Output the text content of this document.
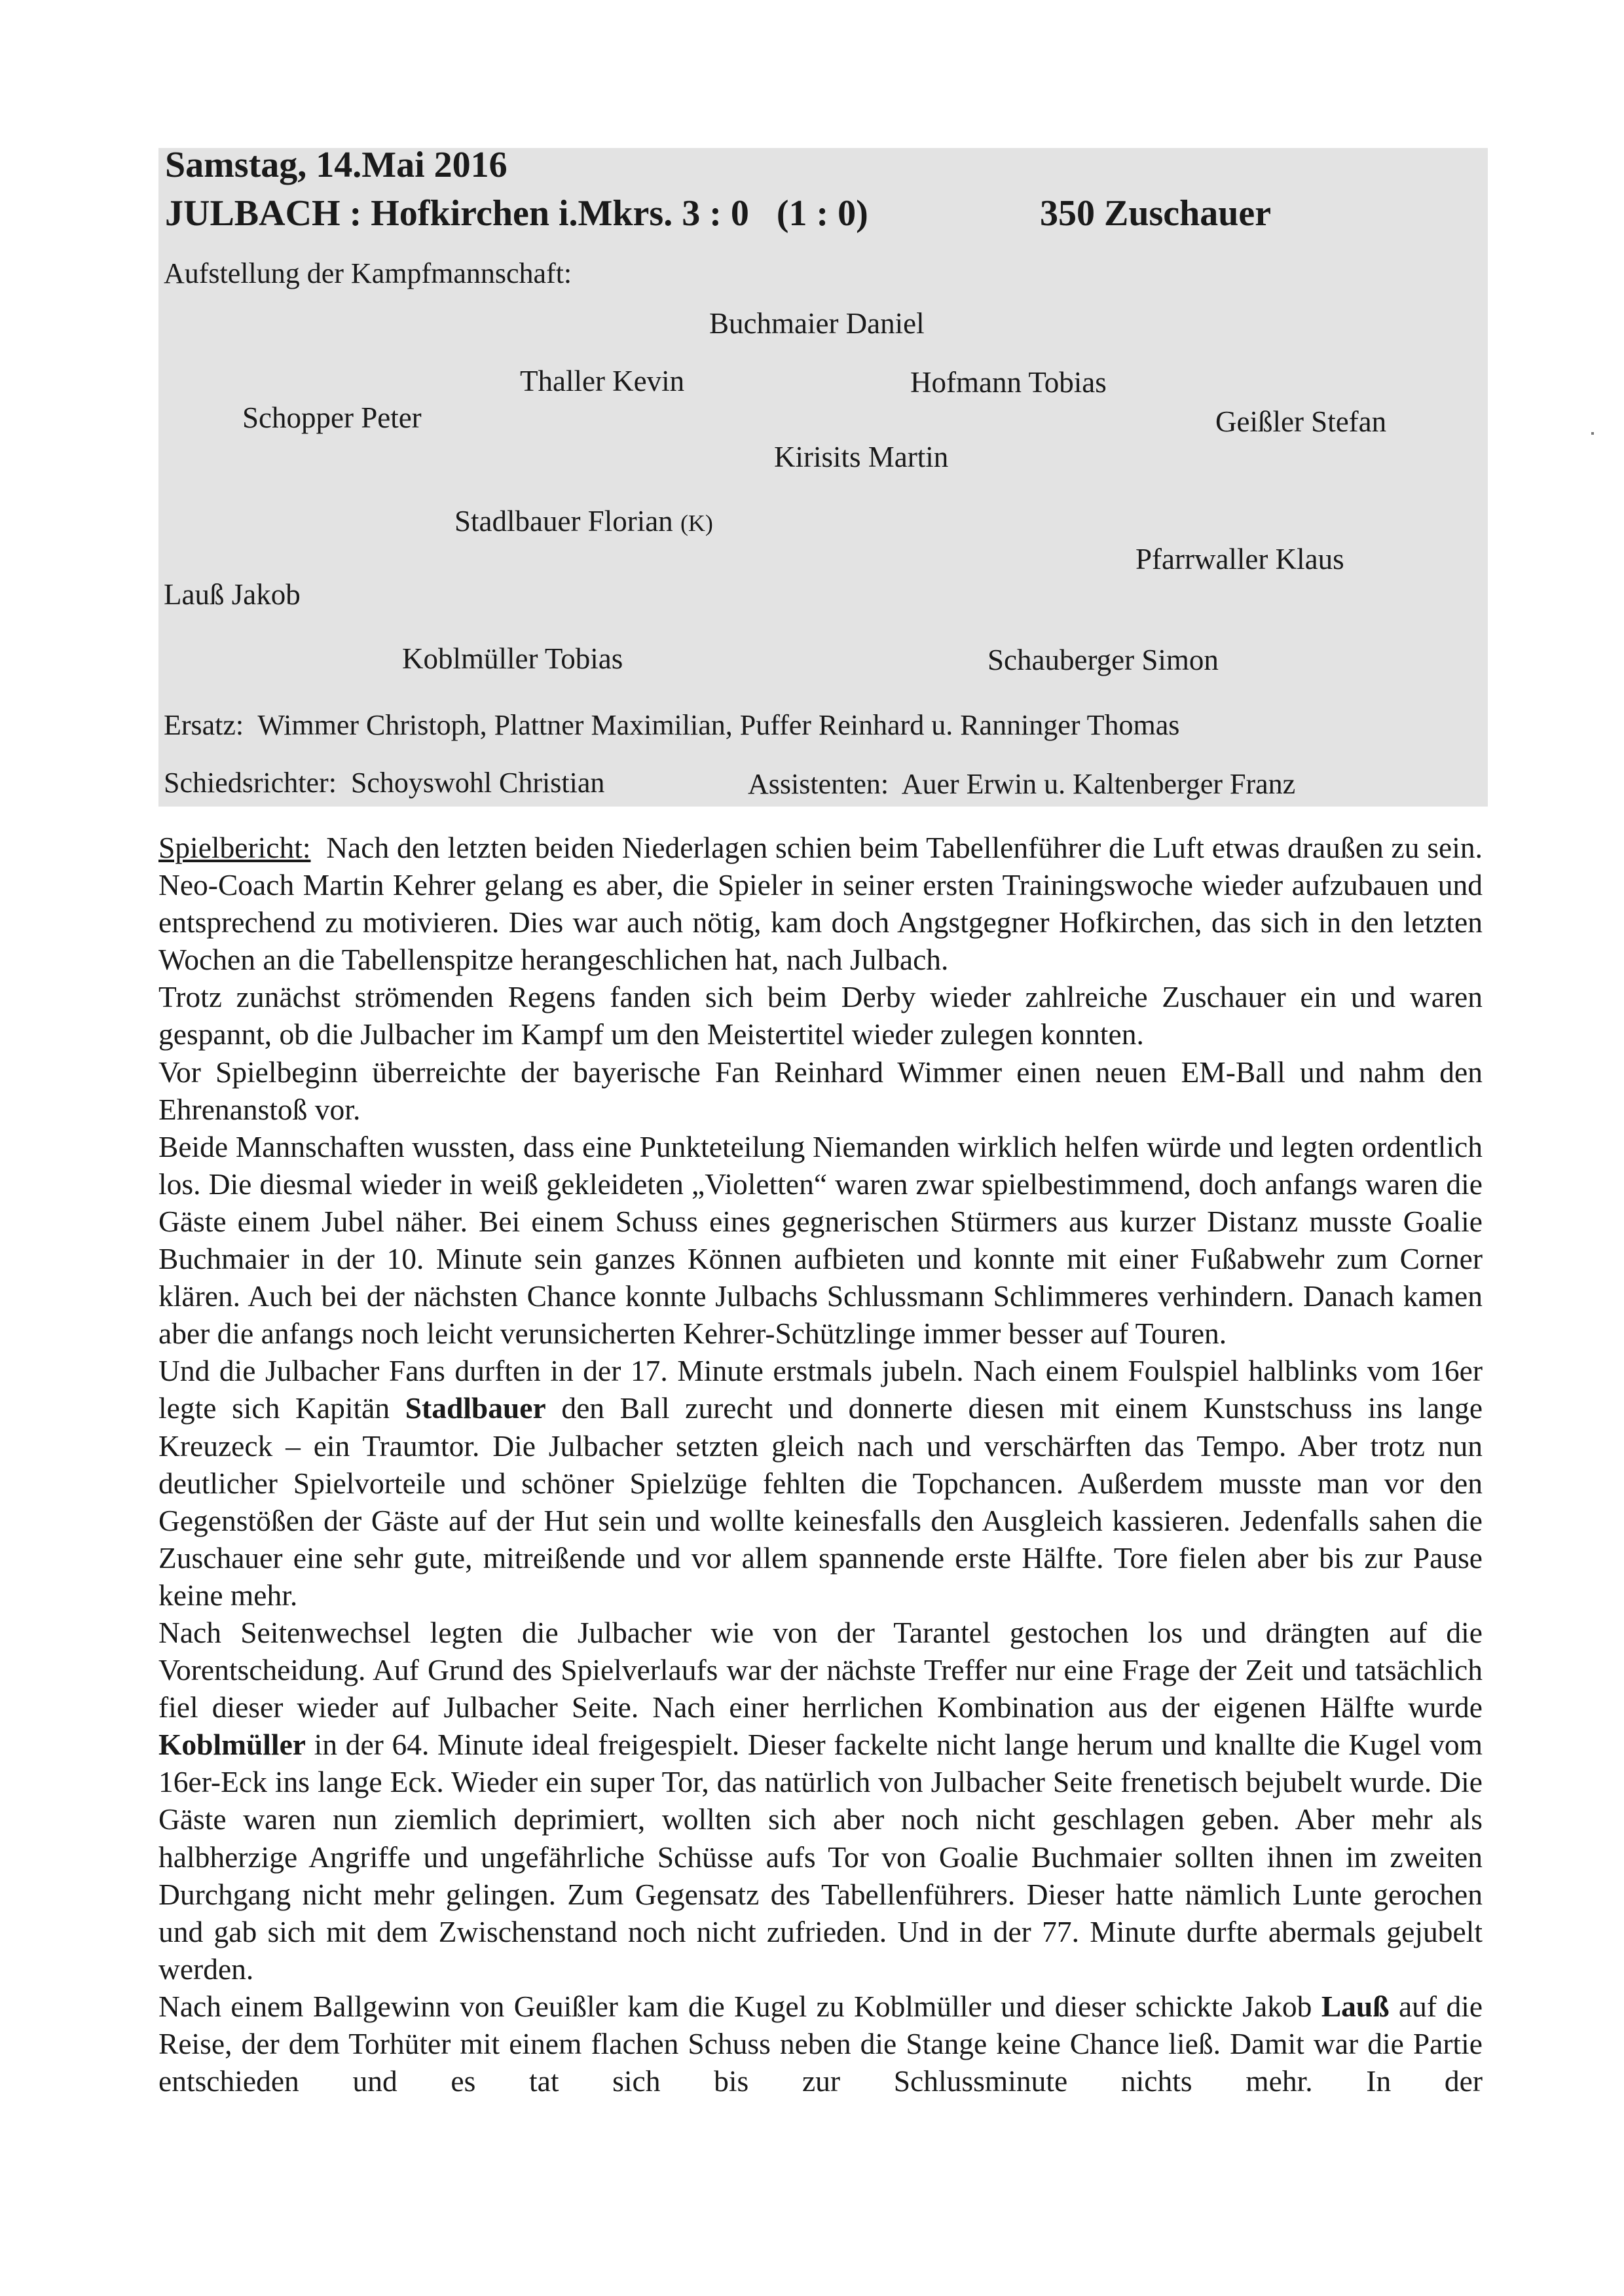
Samstag, 14.Mai 2016
JULBACH : Hofkirchen i.Mkrs. 3 : 0 (1 : 0)	350 Zuschauer
Aufstellung der Kampfmannschaft:
Buchmaier Daniel
Thaller Kevin	Hofmann Tobias
Schopper Peter	Geißler Stefan
Kirisits Martin
Stadlbauer Florian (K)
Pfarrwaller Klaus
Lauß Jakob
Koblmüller Tobias	Schauberger Simon
Ersatz: Wimmer Christoph, Plattner Maximilian, Puffer Reinhard u. Ranninger Thomas
Schiedsrichter: Schoyswohl Christian	Assistenten: Auer Erwin u. Kaltenberger Franz

Spielbericht: Nach den letzten beiden Niederlagen schien beim Tabellenführer die Luft etwas draußen zu sein. Neo-Coach Martin Kehrer gelang es aber, die Spieler in seiner ersten Trainingswoche wieder aufzubauen und entsprechend zu motivieren. Dies war auch nötig, kam doch Angstgegner Hofkirchen, das sich in den letzten Wochen an die Tabellenspitze herangeschlichen hat, nach Julbach.

Trotz zunächst strömenden Regens fanden sich beim Derby wieder zahlreiche Zuschauer ein und waren gespannt, ob die Julbacher im Kampf um den Meistertitel wieder zulegen konnten.

Vor Spielbeginn überreichte der bayerische Fan Reinhard Wimmer einen neuen EM-Ball und nahm den Ehrenanstoß vor.

Beide Mannschaften wussten, dass eine Punkteteilung Niemanden wirklich helfen würde und legten ordentlich los. Die diesmal wieder in weiß gekleideten „Violetten“ waren zwar spielbestimmend, doch anfangs waren die Gäste einem Jubel näher. Bei einem Schuss eines gegnerischen Stürmers aus kurzer Distanz musste Goalie Buchmaier in der 10. Minute sein ganzes Können aufbieten und konnte mit einer Fußabwehr zum Corner klären. Auch bei der nächsten Chance konnte Julbachs Schlussmann Schlimmeres verhindern. Danach kamen aber die anfangs noch leicht verunsicherten Kehrer-Schützlinge immer besser auf Touren.

Und die Julbacher Fans durften in der 17. Minute erstmals jubeln. Nach einem Foulspiel halblinks vom 16er legte sich Kapitän Stadlbauer den Ball zurecht und donnerte diesen mit einem Kunstschuss ins lange Kreuzeck – ein Traumtor. Die Julbacher setzten gleich nach und verschärften das Tempo. Aber trotz nun deutlicher Spielvorteile und schöner Spielzüge fehlten die Topchancen. Außerdem musste man vor den Gegenstößen der Gäste auf der Hut sein und wollte keinesfalls den Ausgleich kassieren. Jedenfalls sahen die Zuschauer eine sehr gute, mitreißende und vor allem spannende erste Hälfte. Tore fielen aber bis zur Pause keine mehr.

Nach Seitenwechsel legten die Julbacher wie von der Tarantel gestochen los und drängten auf die Vorentscheidung. Auf Grund des Spielverlaufs war der nächste Treffer nur eine Frage der Zeit und tatsächlich fiel dieser wieder auf Julbacher Seite. Nach einer herrlichen Kombination aus der eigenen Hälfte wurde Koblmüller in der 64. Minute ideal freigespielt. Dieser fackelte nicht lange herum und knallte die Kugel vom 16er-Eck ins lange Eck. Wieder ein super Tor, das natürlich von Julbacher Seite frenetisch bejubelt wurde. Die Gäste waren nun ziemlich deprimiert, wollten sich aber noch nicht geschlagen geben. Aber mehr als halbherzige Angriffe und ungefährliche Schüsse aufs Tor von Goalie Buchmaier sollten ihnen im zweiten Durchgang nicht mehr gelingen. Zum Gegensatz des Tabellenführers. Dieser hatte nämlich Lunte gerochen und gab sich mit dem Zwischenstand noch nicht zufrieden. Und in der 77. Minute durfte abermals gejubelt werden.

Nach einem Ballgewinn von Geuißler kam die Kugel zu Koblmüller und dieser schickte Jakob Lauß auf die Reise, der dem Torhüter mit einem flachen Schuss neben die Stange keine Chance ließ. Damit war die Partie entschieden und es tat sich bis zur Schlussminute nichts mehr. In der
